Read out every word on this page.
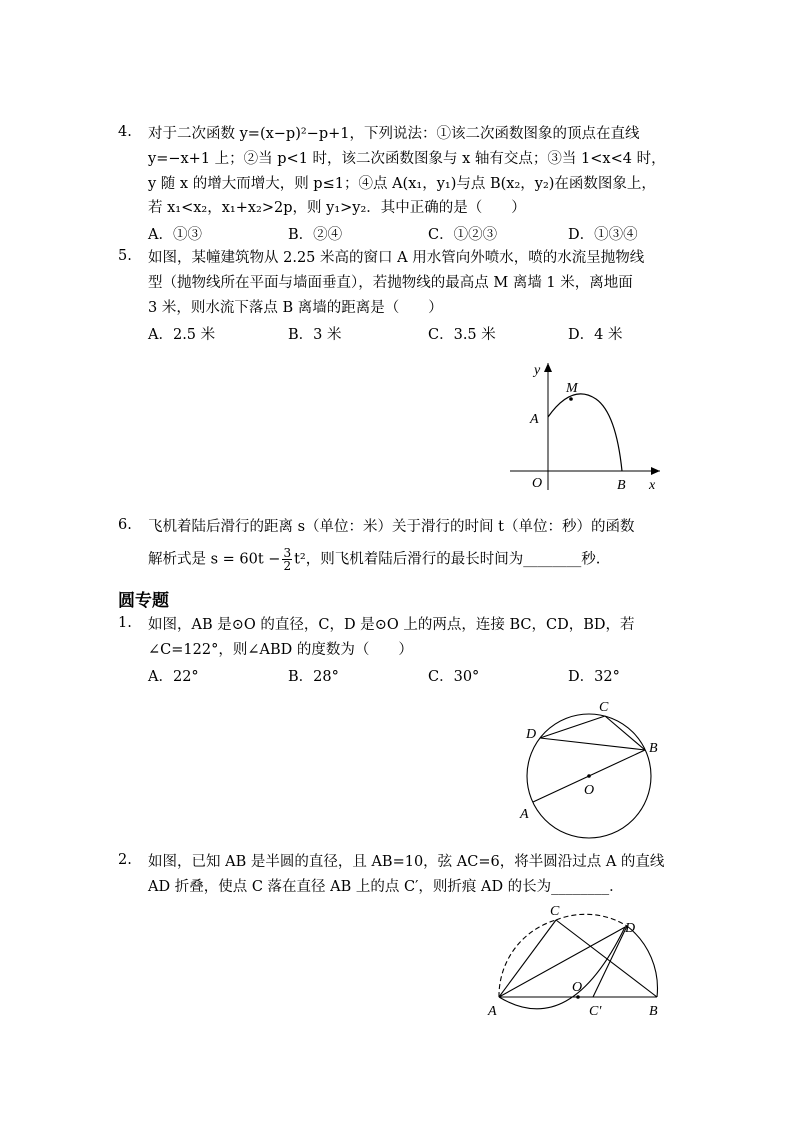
4. 对于二次函数 y=(x−p)²−p+1，下列说法：①该二次函数图象的顶点在直线
y=−x+1 上；②当 p<1 时，该二次函数图象与 x 轴有交点；③当 1<x<4 时，
y 随 x 的增大而增大，则 p≤1；④点 A(x₁，y₁)与点 B(x₂，y₂)在函数图象上，
若 x₁<x₂，x₁+x₂>2p，则 y₁>y₂．其中正确的是（　　）
A．①③	B．②④	C．①②③	D．①③④
5. 如图，某幢建筑物从 2.25 米高的窗口 A 用水管向外喷水，喷的水流呈抛物线
型（抛物线所在平面与墙面垂直），若抛物线的最高点 M 离墙 1 米，离地面
3 米，则水流下落点 B 离墙的距离是（　　）
A．2.5 米	B．3 米	C．3.5 米	D．4 米
y
M
A
O	B x
6. 飞机着陆后滑行的距离 s（单位：米）关于滑行的时间 t（单位：秒）的函数
解析式是 $s = 60t - \frac{3}{2} t^2$，则飞机着陆后滑行的最长时间为________秒.
圆专题
1. 如图，AB 是⊙O 的直径，C，D 是⊙O 上的两点，连接 BC，CD，BD，若
∠C=122°，则∠ABD 的度数为（　　）
A．22°	B．28°	C．30°	D．32°
C
D
B
O
A
2. 如图，已知 AB 是半圆的直径，且 AB=10，弦 AC=6，将半圆沿过点 A 的直线
AD 折叠，使点 C 落在直径 AB 上的点 C′，则折痕 AD 的长为________．
C
D
O
A	C′	B
